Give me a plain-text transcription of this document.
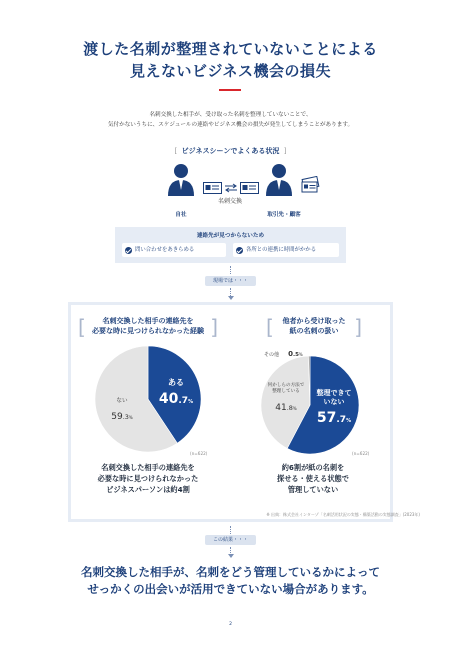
渡した名刺が整理されていないことによる
見えないビジネス機会の損失
名刺交換した相手が、受け取った名刺を整理していないことで、
気付かないうちに、スケジュールの連絡やビジネス機会の損失が発生してしまうことがあります。
[  ビジネスシーンでよくある状況  ]
自社
名刺交換
取引先・顧客
連絡先が見つからないため
問い合わせをあきらめる	各所との連携に時間がかかる
現場では・・・
[	名刺交換した相手の連絡先を
必要な時に見つけられなかった経験 ] [	他者から受け取った
紙の名刺の扱い ]
ある
40.7%
ない
59.3%
(n=622)
その他 0.5%
何かしらの方法で
整理している
41.8%
整理できて
いない
57.7%
(n=622)
名刺交換した相手の連絡先を
必要な時に見つけられなかった
ビジネスパーソンは約4割
約6割が紙の名刺を
探せる・使える状態で
管理していない
※ 出典：株式会社インターゾ「名刺活用状況の実態・構築活動の実態調査」(2023年)
この結果・・・
名刺交換した相手が、名刺をどう管理しているかによって
せっかくの出会いが活用できていない場合があります。
2
